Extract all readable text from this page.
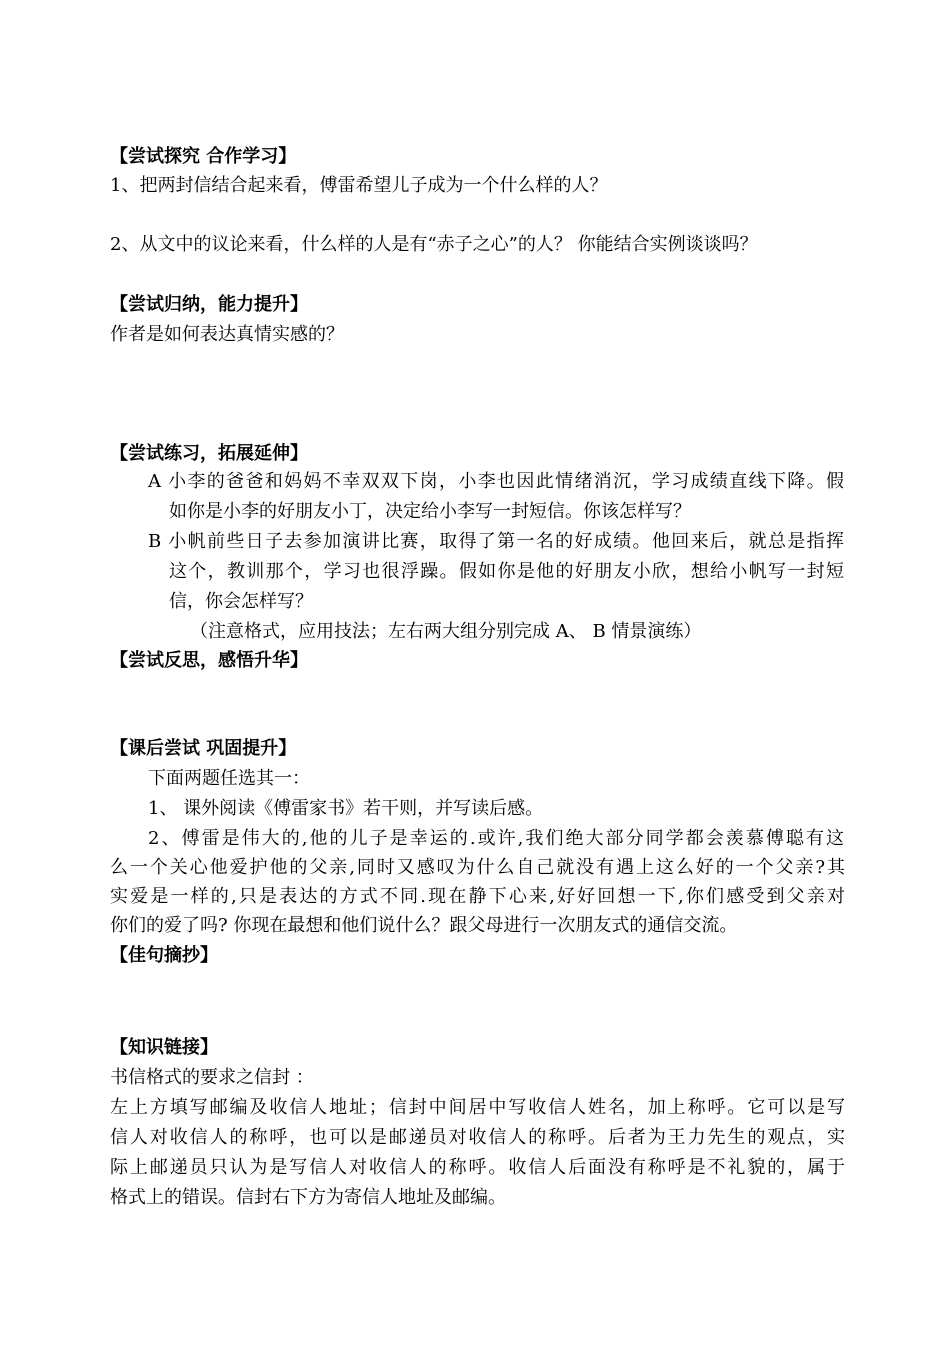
【尝试探究 合作学习】
1、把两封信结合起来看，傅雷希望儿子成为一个什么样的人？
2、从文中的议论来看，什么样的人是有“赤子之心”的人？ 你能结合实例谈谈吗？
【尝试归纳，能力提升】
作者是如何表达真情实感的？
【尝试练习，拓展延伸】
A 小李的爸爸和妈妈不幸双双下岗，小李也因此情绪消沉，学习成绩直线下降。假
如你是小李的好朋友小丁，决定给小李写一封短信。你该怎样写？
B 小帆前些日子去参加演讲比赛，取得了第一名的好成绩。他回来后，就总是指挥
这个，教训那个，学习也很浮躁。假如你是他的好朋友小欣，想给小帆写一封短
信，你会怎样写？
（注意格式，应用技法；左右两大组分别完成 A、 B 情景演练）
【尝试反思，感悟升华】
【课后尝试 巩固提升】
下面两题任选其一：
1、 课外阅读《傅雷家书》若干则，并写读后感。
2、傅雷是伟大的,他的儿子是幸运的.或许,我们绝大部分同学都会羡慕傅聪有这
么一个关心他爱护他的父亲,同时又感叹为什么自己就没有遇上这么好的一个父亲?其
实爱是一样的,只是表达的方式不同.现在静下心来,好好回想一下,你们感受到父亲对
你们的爱了吗? 你现在最想和他们说什么？跟父母进行一次朋友式的通信交流。
【佳句摘抄】
【知识链接】
书信格式的要求之信封 ：
左上方填写邮编及收信人地址；信封中间居中写收信人姓名，加上称呼。它可以是写
信人对收信人的称呼，也可以是邮递员对收信人的称呼。后者为王力先生的观点，实
际上邮递员只认为是写信人对收信人的称呼。收信人后面没有称呼是不礼貌的，属于
格式上的错误。信封右下方为寄信人地址及邮编。
